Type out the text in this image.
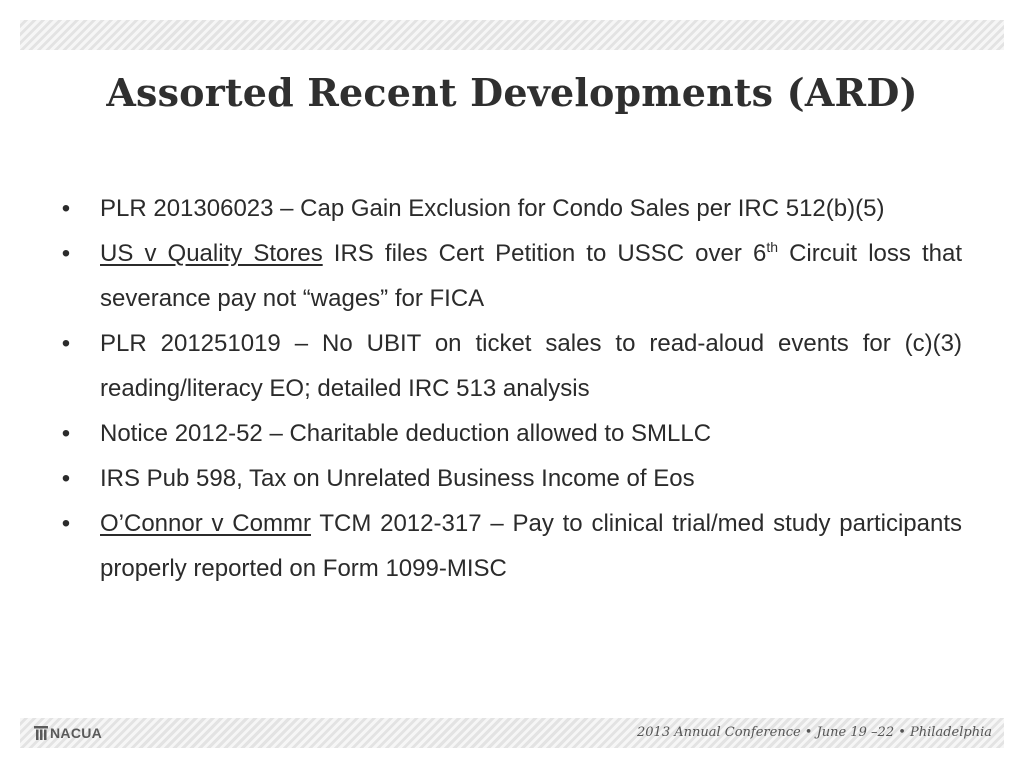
Assorted Recent Developments (ARD)
• PLR 201306023 – Cap Gain Exclusion for Condo Sales per IRC 512(b)(5)
• US v Quality Stores IRS files Cert Petition to USSC over 6th Circuit loss that severance pay not “wages” for FICA
• PLR 201251019 – No UBIT on ticket sales to read-aloud events for (c)(3) reading/literacy EO; detailed IRC 513 analysis
• Notice 2012-52 – Charitable deduction allowed to SMLLC
• IRS Pub 598, Tax on Unrelated Business Income of Eos
• O’Connor v Commr TCM 2012-317 – Pay to clinical trial/med study participants properly reported on Form 1099-MISC
NACUA	2013 Annual Conference • June 19 –22 • Philadelphia
